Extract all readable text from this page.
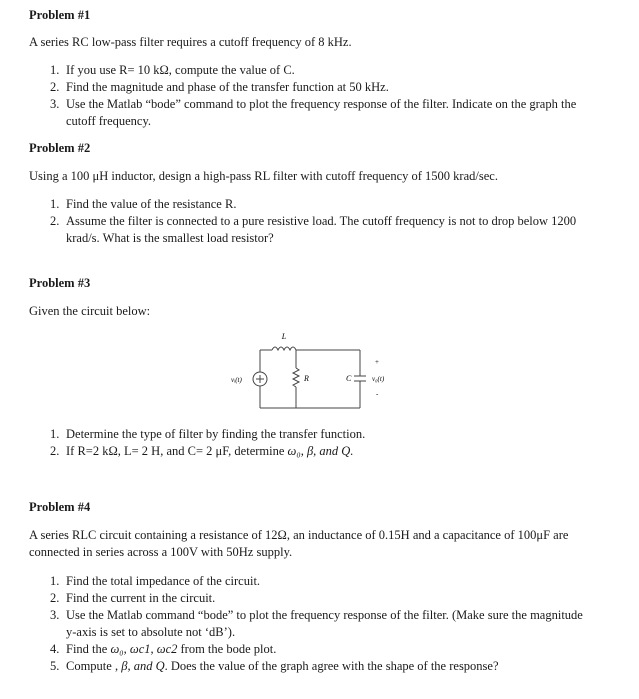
Problem #1
A series RC low-pass filter requires a cutoff frequency of 8 kHz.
1. If you use R= 10 kΩ, compute the value of C.
2. Find the magnitude and phase of the transfer function at 50 kHz.
3. Use the Matlab “bode” command to plot the frequency response of the filter. Indicate on the graph the
cutoff frequency.
Problem #2
Using a 100 μH inductor, design a high-pass RL filter with cutoff frequency of 1500 krad/sec.
1. Find the value of the resistance R.
2. Assume the filter is connected to a pure resistive load. The cutoff frequency is not to drop below 1200
krad/s. What is the smallest load resistor?
Problem #3
Given the circuit below:
L
R	C
vᵢ(t)	v₀(t)
+
-
1. Determine the type of filter by finding the transfer function.
2. If R=2 kΩ, L= 2 H, and C= 2 μF, determine ω₀, β, and Q.
Problem #4
A series RLC circuit containing a resistance of 12Ω, an inductance of 0.15H and a capacitance of 100μF are
connected in series across a 100V with 50Hz supply.
1. Find the total impedance of the circuit.
2. Find the current in the circuit.
3. Use the Matlab command “bode” to plot the frequency response of the filter. (Make sure the magnitude
y-axis is set to absolute not ‘dB’).
4. Find the ω₀, ωc1, ωc2 from the bode plot.
5. Compute , β, and Q. Does the value of the graph agree with the shape of the response?
